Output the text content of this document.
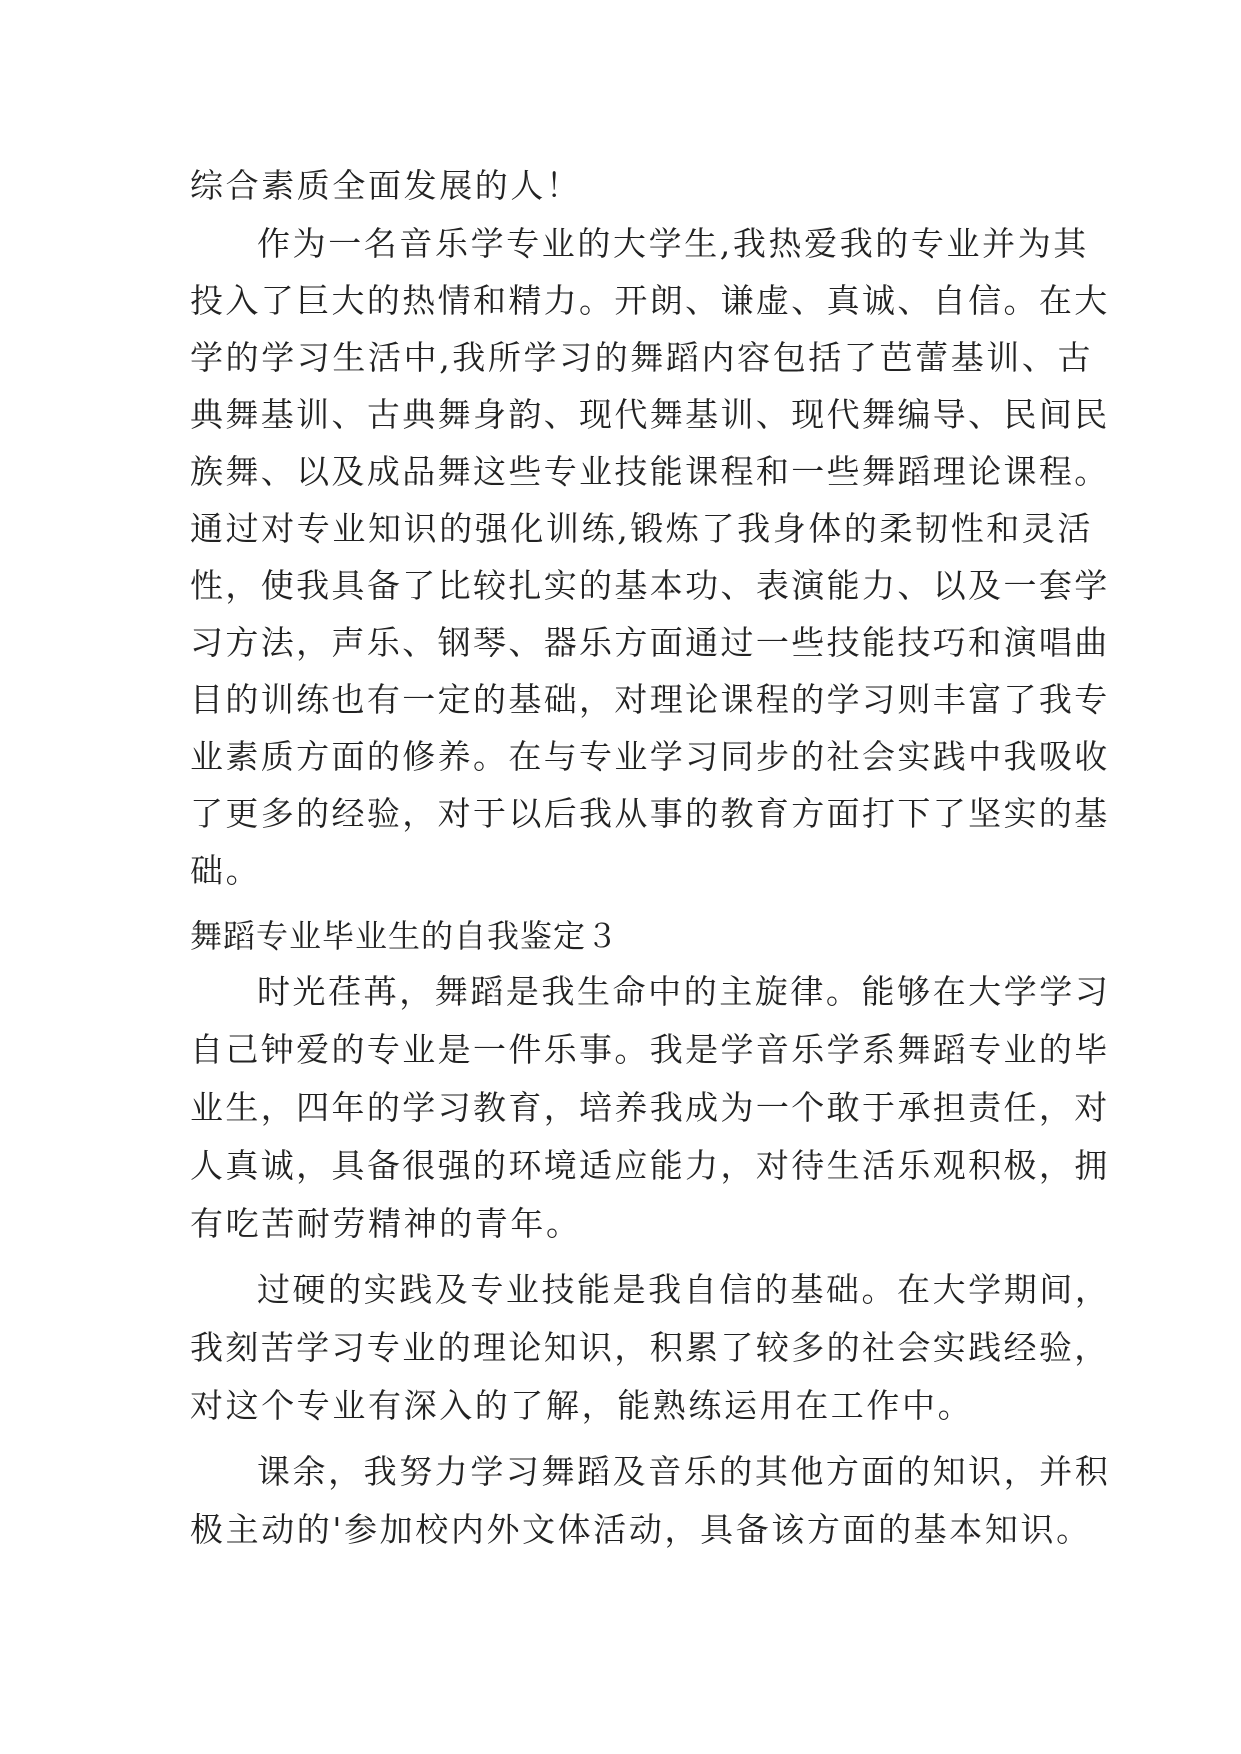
综合素质全面发展的人！
作为一名音乐学专业的大学生,我热爱我的专业并为其
投入了巨大的热情和精力。开朗、谦虚、真诚、自信。在大
学的学习生活中,我所学习的舞蹈内容包括了芭蕾基训、古
典舞基训、古典舞身韵、现代舞基训、现代舞编导、民间民
族舞、以及成品舞这些专业技能课程和一些舞蹈理论课程。
通过对专业知识的强化训练,锻炼了我身体的柔韧性和灵活
性，使我具备了比较扎实的基本功、表演能力、以及一套学
习方法，声乐、钢琴、器乐方面通过一些技能技巧和演唱曲
目的训练也有一定的基础，对理论课程的学习则丰富了我专
业素质方面的修养。在与专业学习同步的社会实践中我吸收
了更多的经验，对于以后我从事的教育方面打下了坚实的基
础。
舞蹈专业毕业生的自我鉴定３
时光荏苒，舞蹈是我生命中的主旋律。能够在大学学习
自己钟爱的专业是一件乐事。我是学音乐学系舞蹈专业的毕
业生，四年的学习教育，培养我成为一个敢于承担责任，对
人真诚，具备很强的环境适应能力，对待生活乐观积极，拥
有吃苦耐劳精神的青年。
过硬的实践及专业技能是我自信的基础。在大学期间，
我刻苦学习专业的理论知识，积累了较多的社会实践经验，
对这个专业有深入的了解，能熟练运用在工作中。
课余，我努力学习舞蹈及音乐的其他方面的知识，并积
极主动的'参加校内外文体活动，具备该方面的基本知识。
